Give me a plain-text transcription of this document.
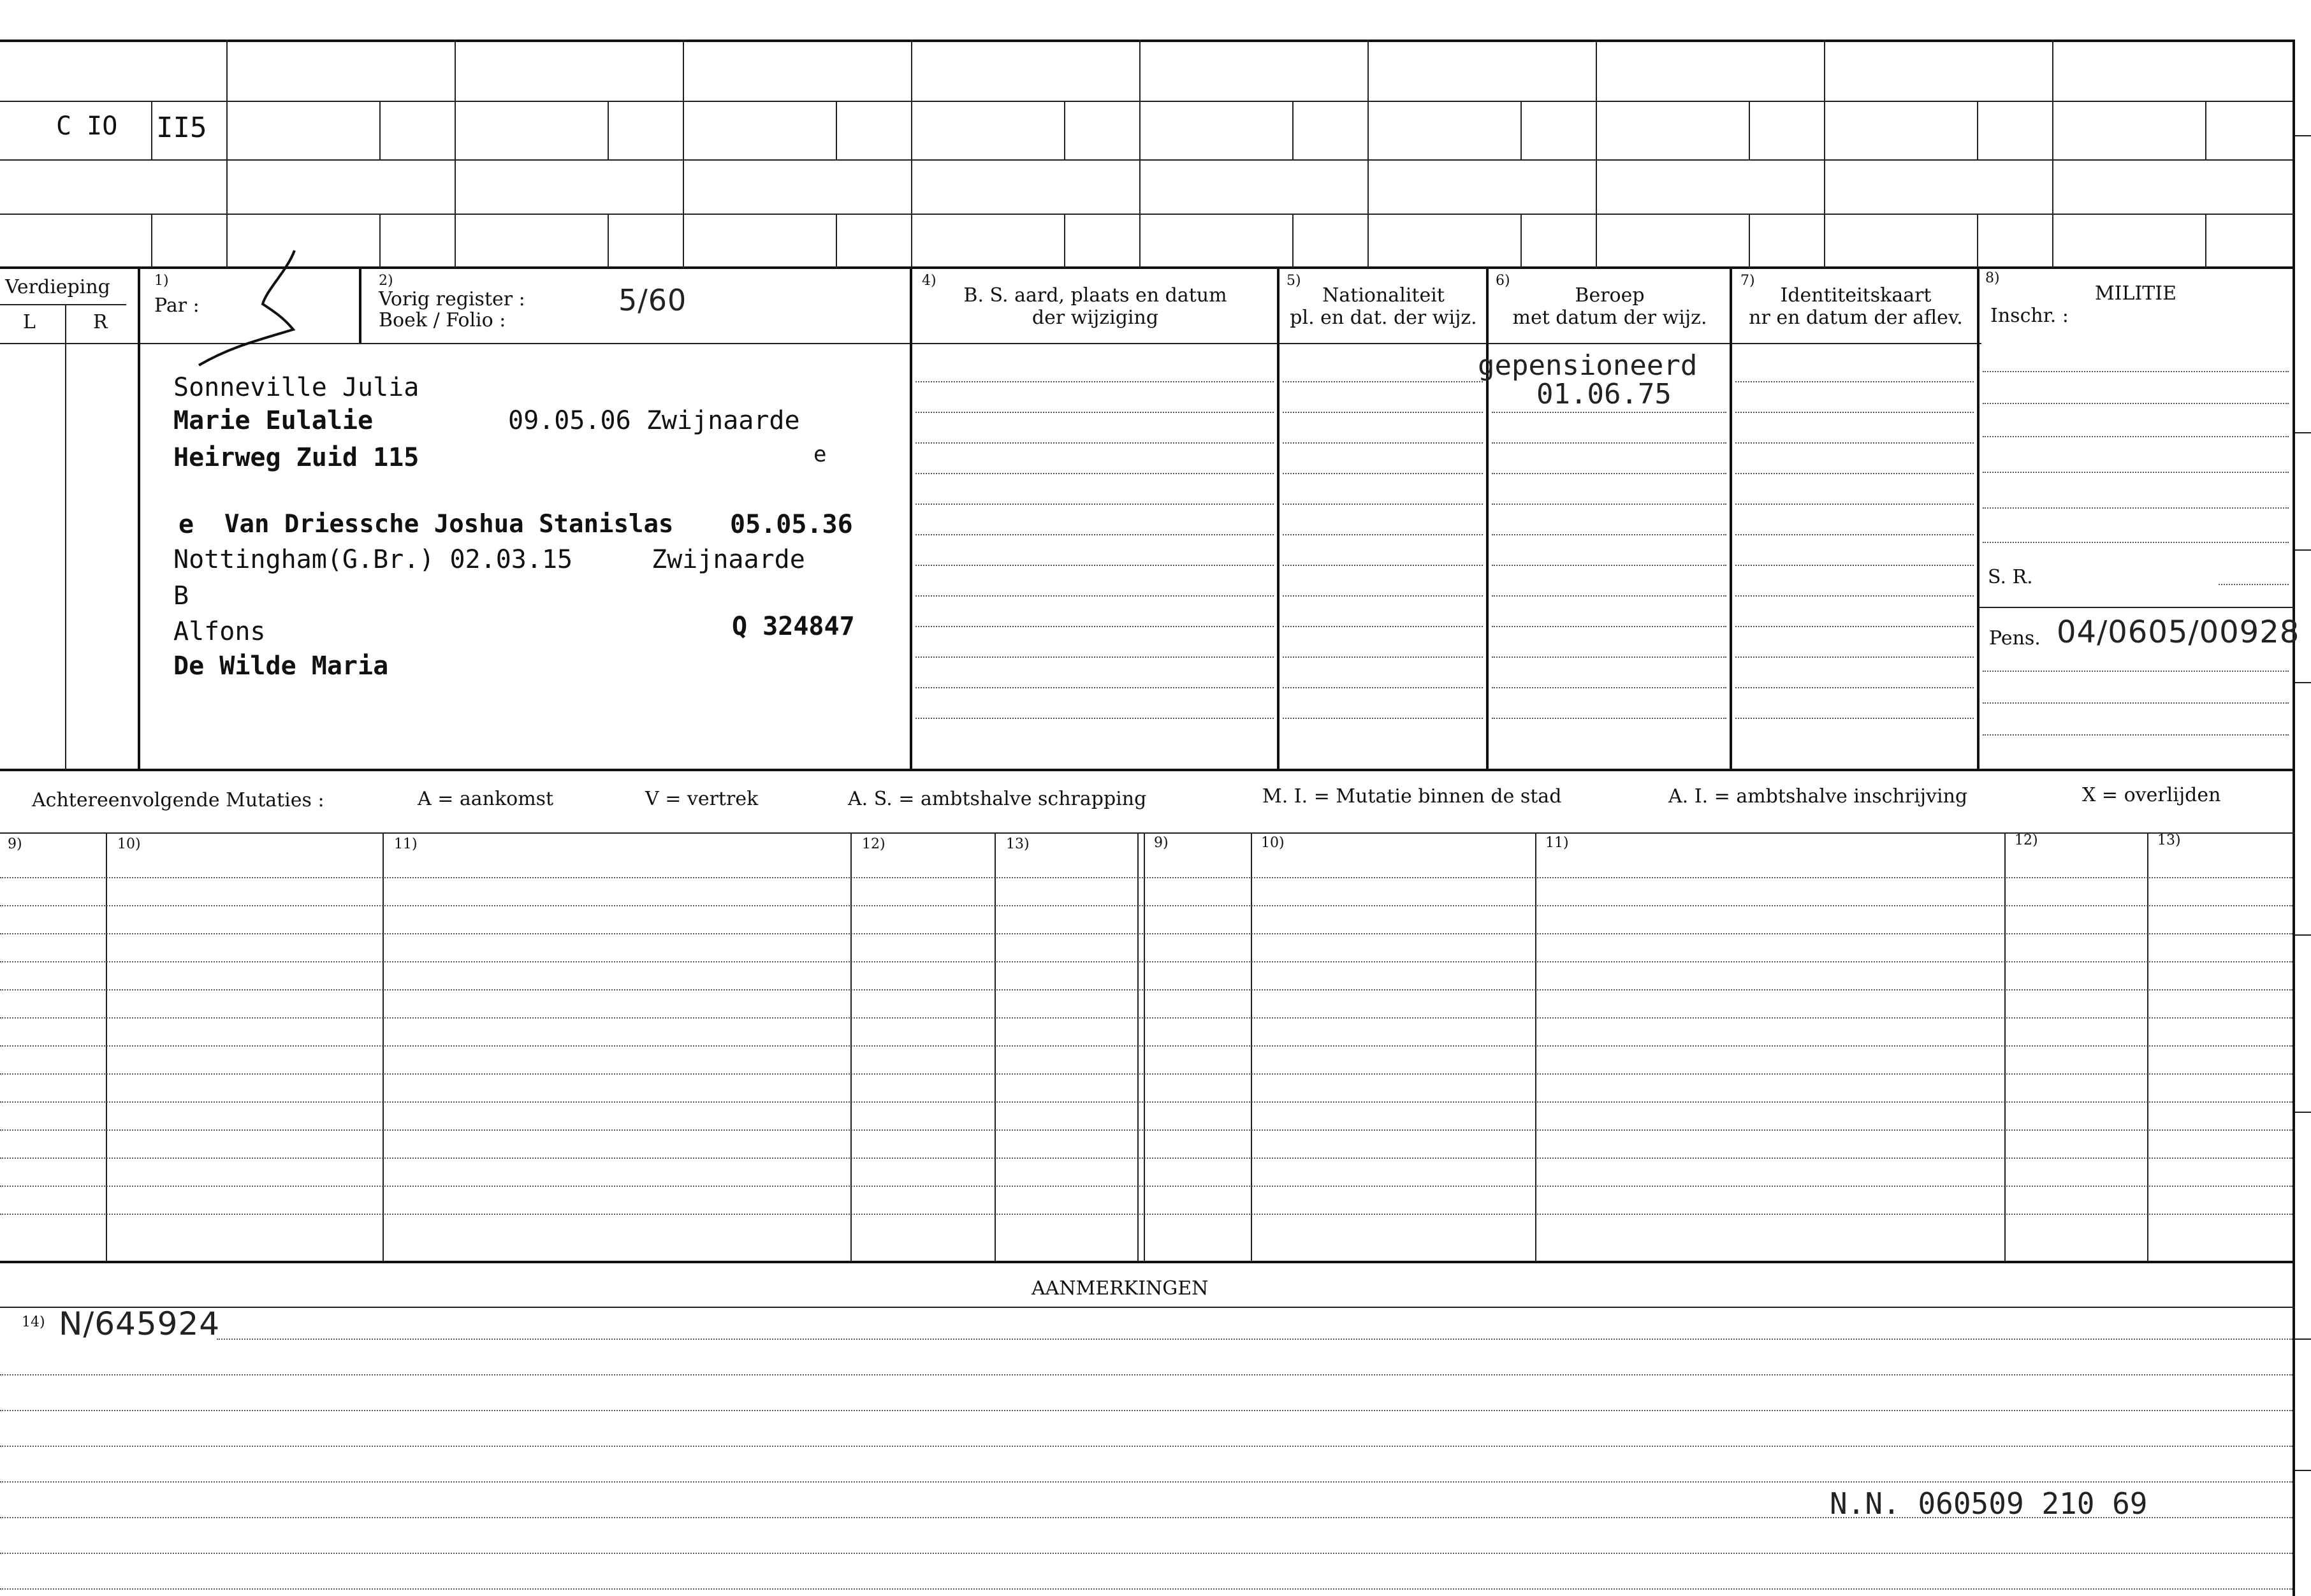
C IO II5
Verdieping
L	R
1)
Par :
2)
Vorig register :
Boek / Folio :
5/60
4)
B. S. aard, plaats en datum
der wijziging
5)
Nationaliteit
pl. en dat. der wijz.
6)
Beroep
met datum der wijz.
7)
Identiteitskaart
nr en datum der aflev.
8)
MILITIE
Inschr. :
Sonneville Julia
Marie Eulalie	09.05.06 Zwijnaarde
Heirweg Zuid 115	e
e Van Driessche Joshua Stanislas 05.05.36
Nottingham(G.Br.) 02.03.15	Zwijnaarde
B
Alfons	Q 324847
De Wilde Maria
gepensioneerd
01.06.75
S. R.
Pens. 04/0605/00928
Achtereenvolgende Mutaties :	A = aankomst	V = vertrek	A. S. = ambtshalve schrapping	M. I. = Mutatie binnen de stad	A. I. = ambtshalve inschrijving	X = overlijden
9)	10)	11)	12)	13)	9)	10)	11)	12)	13)
AANMERKINGEN
14) N/645924
N.N. 060509 210 69
